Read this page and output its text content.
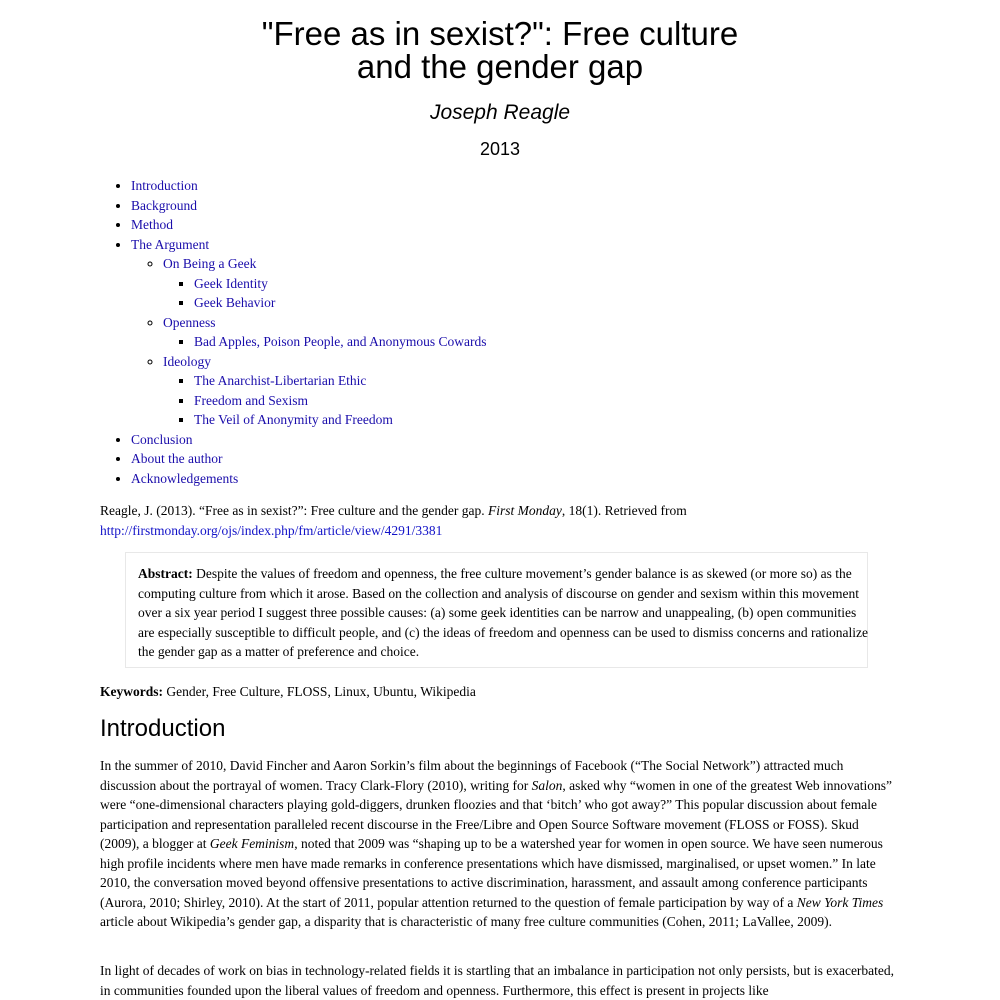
"Free as in sexist?": Free culture
and the gender gap
Joseph Reagle
2013
• Introduction
• Background
• Method
• The Argument
◦ On Being a Geek
▪ Geek Identity
▪ Geek Behavior
◦ Openness
▪ Bad Apples, Poison People, and Anonymous Cowards
◦ Ideology
▪ The Anarchist-Libertarian Ethic
▪ Freedom and Sexism
▪ The Veil of Anonymity and Freedom
• Conclusion
• About the author
• Acknowledgements

Reagle, J. (2013). “Free as in sexist?”: Free culture and the gender gap. First Monday, 18(1). Retrieved from
http://firstmonday.org/ojs/index.php/fm/article/view/4291/3381

Abstract: Despite the values of freedom and openness, the free culture movement’s gender balance is as skewed (or more so) as the computing culture from which it arose. Based on the collection and analysis of discourse on gender and sexism within this movement over a six year period I suggest three possible causes: (a) some geek identities can be narrow and unappealing, (b) open communities are especially susceptible to difficult people, and (c) the ideas of freedom and openness can be used to dismiss concerns and rationalize the gender gap as a matter of preference and choice.

Keywords: Gender, Free Culture, FLOSS, Linux, Ubuntu, Wikipedia

Introduction

In the summer of 2010, David Fincher and Aaron Sorkin’s film about the beginnings of Facebook (“The Social Network”) attracted much discussion about the portrayal of women. Tracy Clark-Flory (2010), writing for Salon, asked why “women in one of the greatest Web innovations” were “one-dimensional characters playing gold-diggers, drunken floozies and that ‘bitch’ who got away?” This popular discussion about female participation and representation paralleled recent discourse in the Free/Libre and Open Source Software movement (FLOSS or FOSS). Skud (2009), a blogger at Geek Feminism, noted that 2009 was “shaping up to be a watershed year for women in open source. We have seen numerous high profile incidents where men have made remarks in conference presentations which have dismissed, marginalised, or upset women.” In late 2010, the conversation moved beyond offensive presentations to active discrimination, harassment, and assault among conference participants (Aurora, 2010; Shirley, 2010). At the start of 2011, popular attention returned to the question of female participation by way of a New York Times article about Wikipedia’s gender gap, a disparity that is characteristic of many free culture communities (Cohen, 2011; LaVallee, 2009).

In light of decades of work on bias in technology-related fields it is startling that an imbalance in participation not only persists, but is exacerbated, in communities founded upon the liberal values of freedom and openness. Furthermore, this effect is present in projects like
